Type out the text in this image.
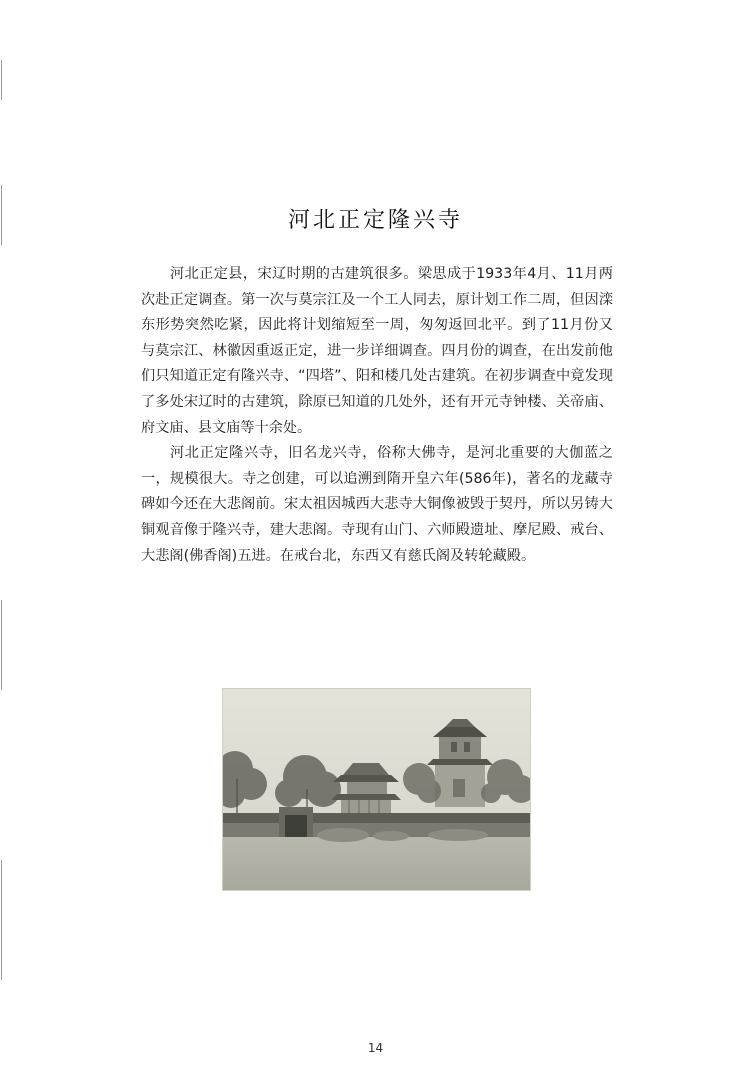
河北正定隆兴寺

河北正定县，宋辽时期的古建筑很多。梁思成于1933年4月、11月两次赴正定调查。第一次与莫宗江及一个工人同去，原计划工作二周，但因滦东形势突然吃紧，因此将计划缩短至一周，匆匆返回北平。到了11月份又与莫宗江、林徽因重返正定，进一步详细调查。四月份的调查，在出发前他们只知道正定有隆兴寺、“四塔”、阳和楼几处古建筑。在初步调查中竟发现了多处宋辽时的古建筑，除原已知道的几处外，还有开元寺钟楼、关帝庙、府文庙、县文庙等十余处。

河北正定隆兴寺，旧名龙兴寺，俗称大佛寺，是河北重要的大伽蓝之一，规模很大。寺之创建，可以追溯到隋开皇六年(586年)，著名的龙藏寺碑如今还在大悲阁前。宋太祖因城西大悲寺大铜像被毁于契丹，所以另铸大铜观音像于隆兴寺，建大悲阁。寺现有山门、六师殿遗址、摩尼殿、戒台、大悲阁(佛香阁)五进。在戒台北，东西又有慈氏阁及转轮藏殿。

14
